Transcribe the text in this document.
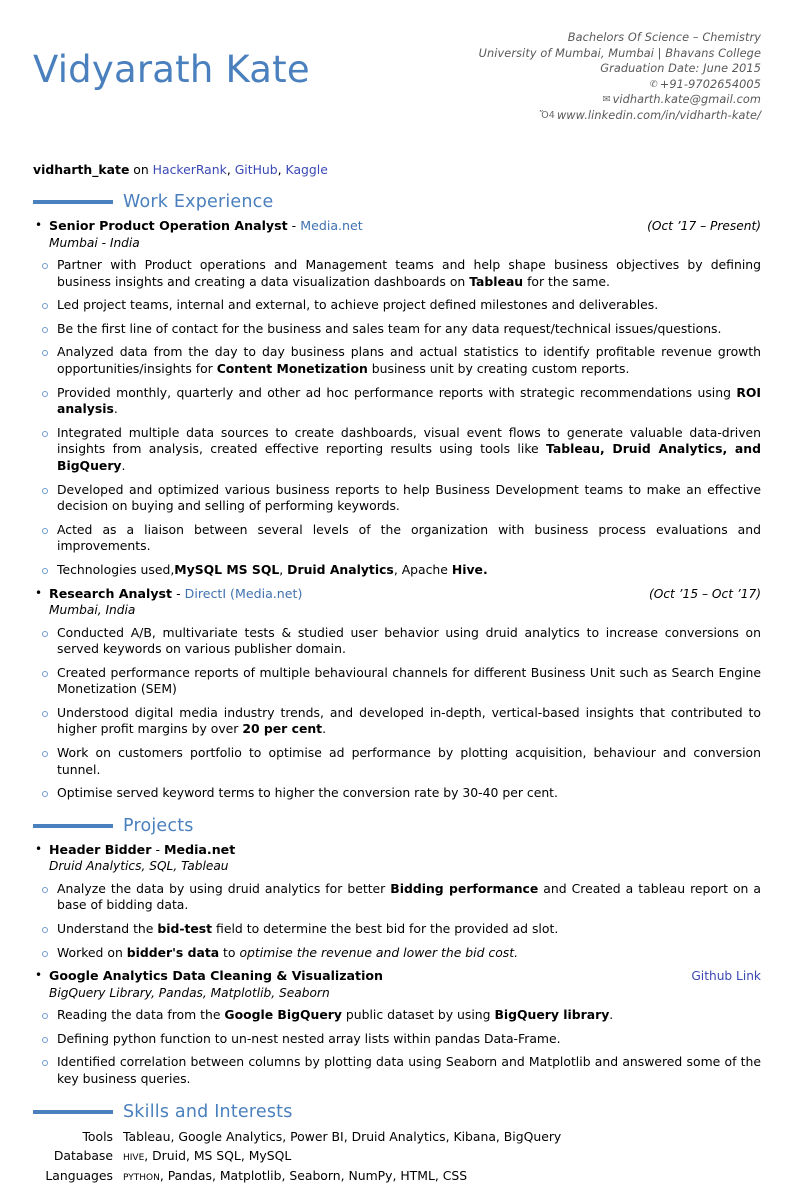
Bachelors Of Science – Chemistry
University of Mumbai, Mumbai | Bhavans College
Graduation Date: June 2015
✆ +91-9702654005
✉ vidharth.kate@gmail.com
Ὄ4 www.linkedin.com/in/vidharth-kate/
Vidyarath Kate
vidharth_kate on HackerRank, GitHub, Kaggle
Work Experience
• Senior Product Operation Analyst - Media.net	(Oct ’17 – Present)
Mumbai - India
Partner with Product operations and Management teams and help shape business objectives by defining business insights and creating a data visualization dashboards on Tableau for the same.
Led project teams, internal and external, to achieve project defined milestones and deliverables.
Be the first line of contact for the business and sales team for any data request/technical issues/questions.
Analyzed data from the day to day business plans and actual statistics to identify profitable revenue growth opportunities/insights for Content Monetization business unit by creating custom reports.
Provided monthly, quarterly and other ad hoc performance reports with strategic recommendations using ROI analysis.
Integrated multiple data sources to create dashboards, visual event flows to generate valuable data-driven insights from analysis, created effective reporting results using tools like Tableau, Druid Analytics, and BigQuery.
Developed and optimized various business reports to help Business Development teams to make an effective decision on buying and selling of performing keywords.
Acted as a liaison between several levels of the organization with business process evaluations and improvements.
Technologies used,MySQL MS SQL, Druid Analytics, Apache Hive.
• Research Analyst - DirectI (Media.net)	(Oct ’15 – Oct ’17)
Mumbai, India
Conducted A/B, multivariate tests & studied user behavior using druid analytics to increase conversions on served keywords on various publisher domain.
Created performance reports of multiple behavioural channels for different Business Unit such as Search Engine Monetization (SEM)
Understood digital media industry trends, and developed in-depth, vertical-based insights that contributed to higher profit margins by over 20 per cent.
Work on customers portfolio to optimise ad performance by plotting acquisition, behaviour and conversion tunnel.
Optimise served keyword terms to higher the conversion rate by 30-40 per cent.
Projects
• Header Bidder - Media.net
Druid Analytics, SQL, Tableau
Analyze the data by using druid analytics for better Bidding performance and Created a tableau report on a base of bidding data.
Understand the bid-test field to determine the best bid for the provided ad slot.
Worked on bidder's data to optimise the revenue and lower the bid cost.
• Google Analytics Data Cleaning & Visualization	Github Link
BigQuery Library, Pandas, Matplotlib, Seaborn
Reading the data from the Google BigQuery public dataset by using BigQuery library.
Defining python function to un-nest nested array lists within pandas Data-Frame.
Identified correlation between columns by plotting data using Seaborn and Matplotlib and answered some of the key business queries.
Skills and Interests
Tools Tableau, Google Analytics, Power BI, Druid Analytics, Kibana, BigQuery
Database hive, Druid, MS SQL, MySQL
Languages python, Pandas, Matplotlib, Seaborn, NumPy, HTML, CSS
